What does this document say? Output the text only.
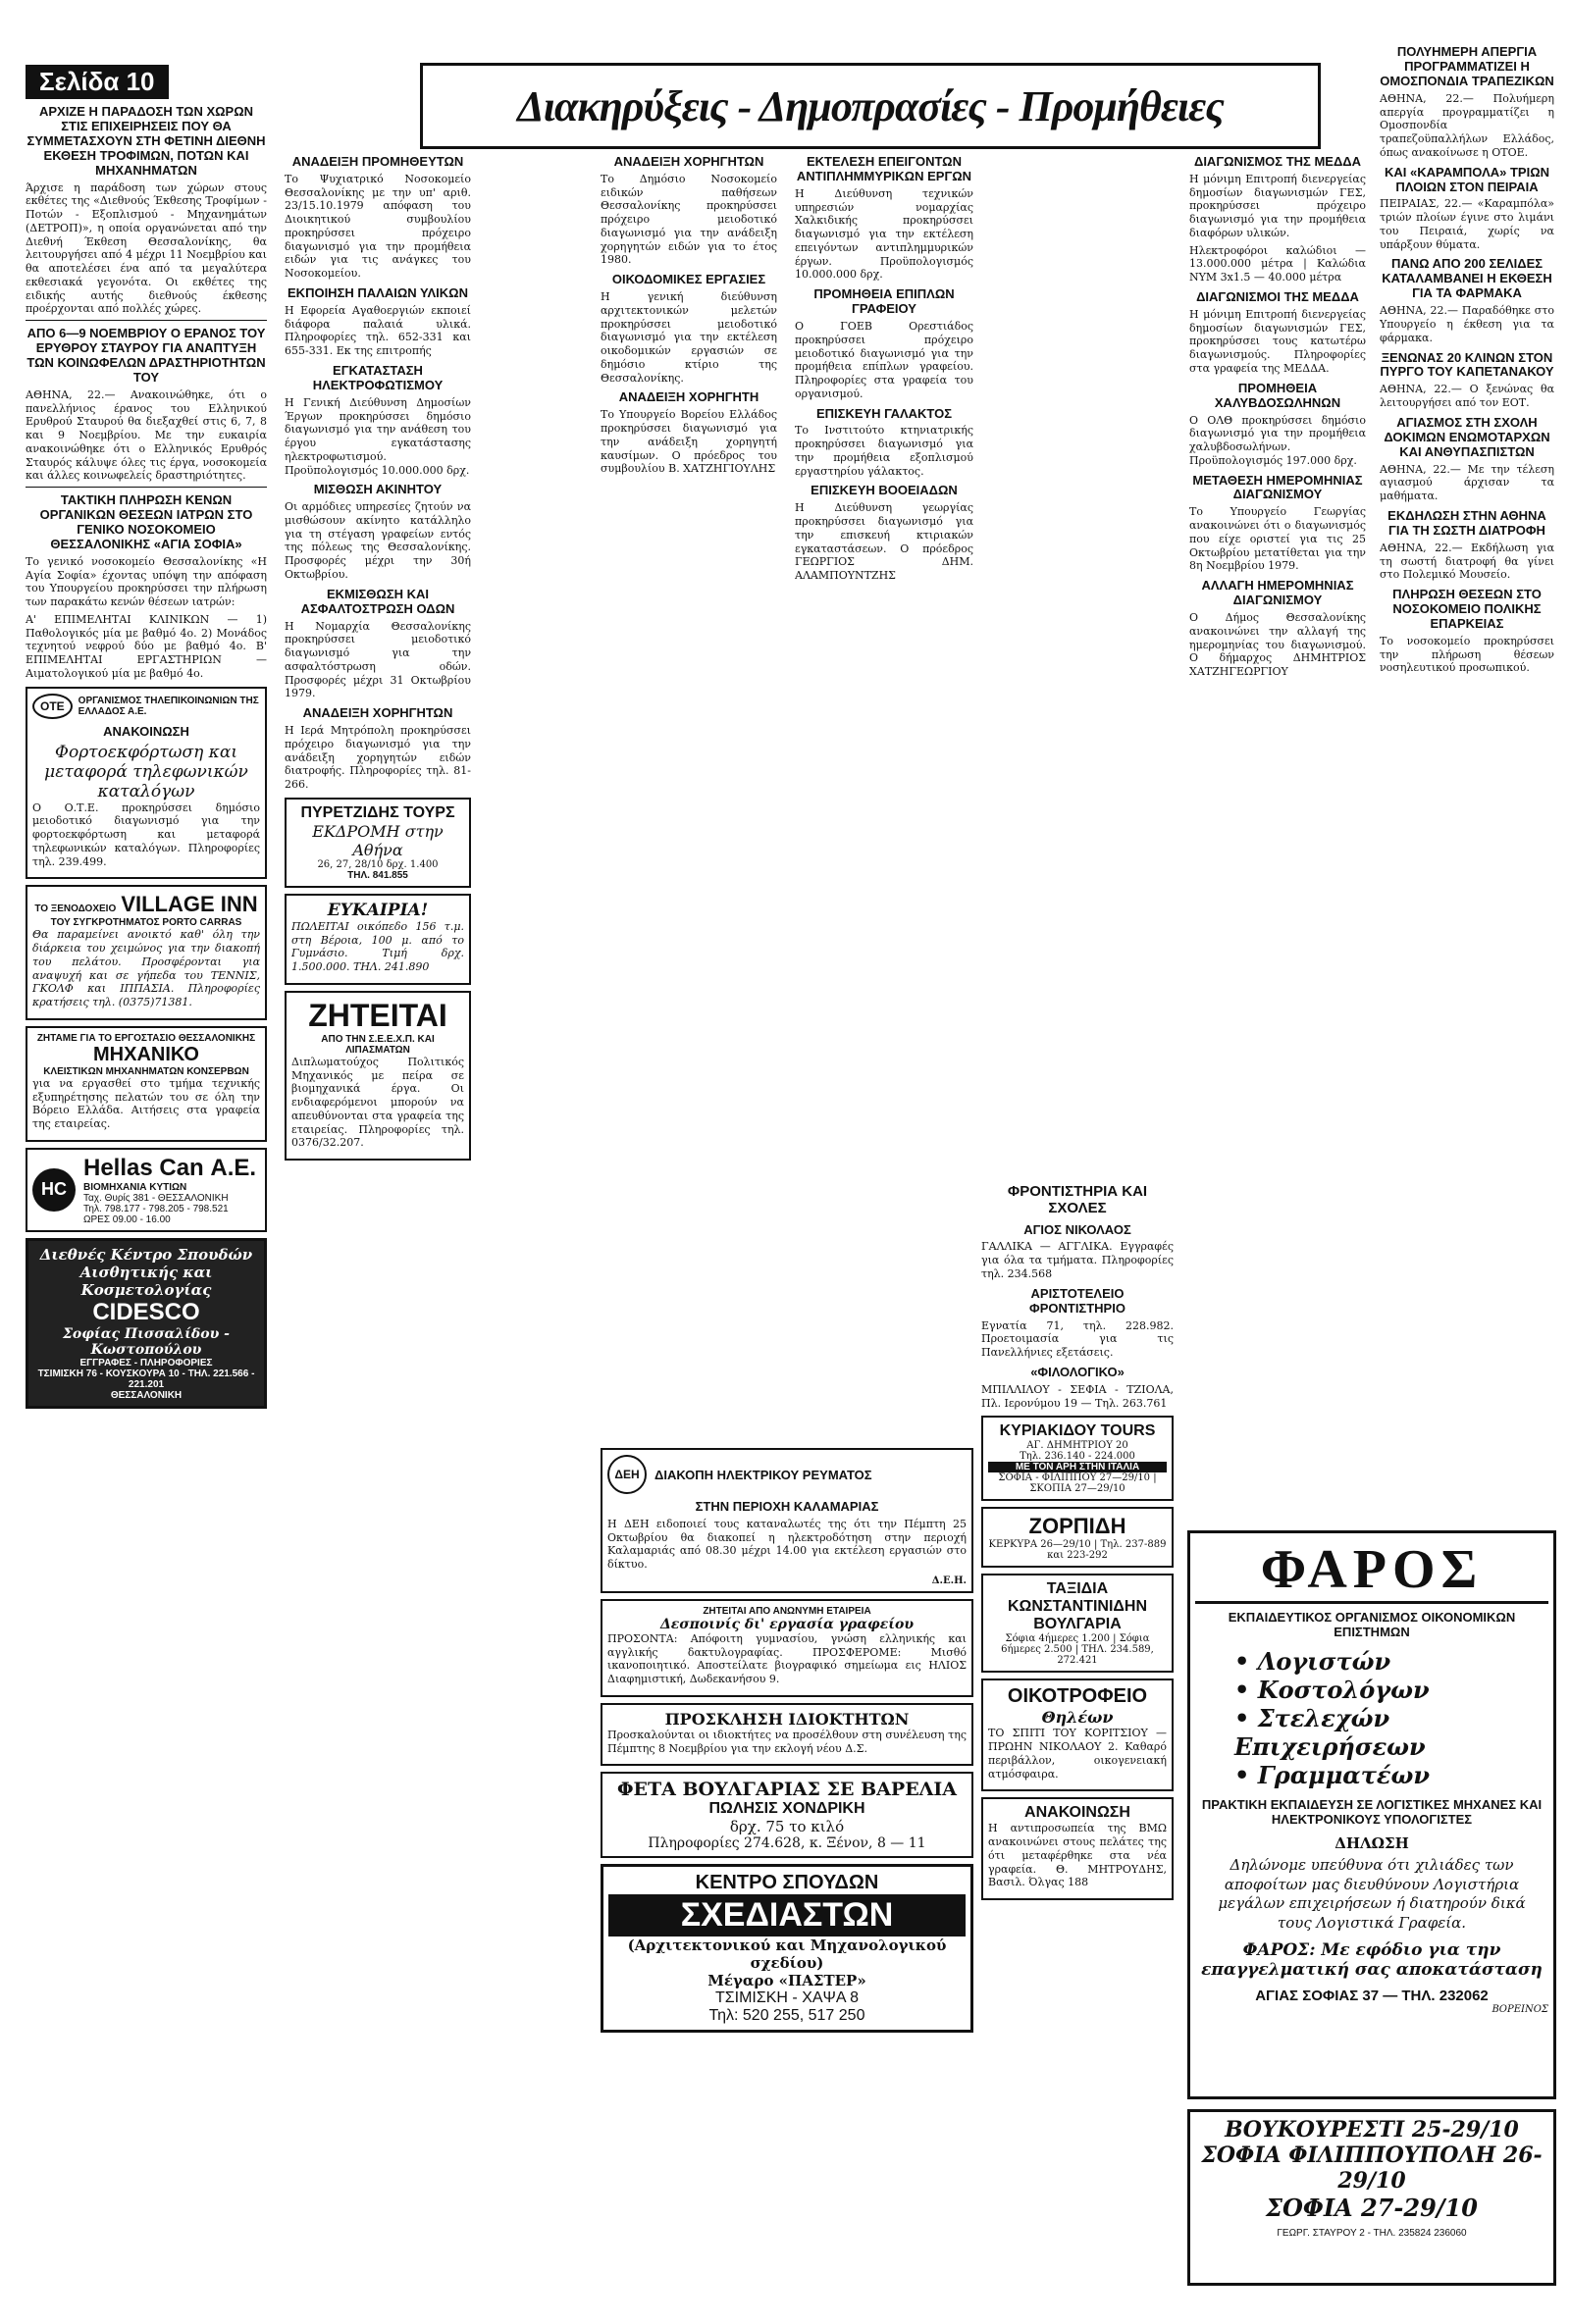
Σελίδα 10
ΑΡΧΙΖΕ Η ΠΑΡΑΔΟΣΗ ΤΩΝ ΧΩΡΩΝ ΣΤΙΣ ΕΠΙΧΕΙΡΗΣΕΙΣ ΠΟΥ ΘΑ ΣΥΜΜΕΤΑΣΧΟΥΝ ΣΤΗ ΦΕΤΙΝΗ ΔΙΕΘΝΗ ΕΚΘΕΣΗ ΤΡΟΦΙΜΩΝ, ΠΟΤΩΝ ΚΑΙ ΜΗΧΑΝΗΜΑΤΩΝ

Άρχισε η παράδοση των χώρων στους εκθέτες της «Διεθνούς Έκθεσης Τροφίμων - Ποτών - Εξοπλισμού - Μηχανημάτων (ΔΕΤΡΟΠ)», η οποία οργανώνεται από την Διεθνή Έκθεση Θεσσαλονίκης, θα λειτουργήσει από 4 μέχρι 11 Νοεμβρίου και θα αποτελέσει ένα από τα μεγαλύτερα εκθεσιακά γεγονότα. Οι εκθέτες της ειδικής αυτής διεθνούς έκθεσης προέρχονται από πολλές χώρες.

ΑΠΟ 6—9 ΝΟΕΜΒΡΙΟΥ Ο ΕΡΑΝΟΣ ΤΟΥ ΕΡΥΘΡΟΥ ΣΤΑΥΡΟΥ ΓΙΑ ΑΝΑΠΤΥΞΗ ΤΩΝ ΚΟΙΝΩΦΕΛΩΝ ΔΡΑΣΤΗΡΙΟΤΗΤΩΝ ΤΟΥ

ΑΘΗΝΑ, 22.— Ανακοινώθηκε, ότι ο πανελλήνιος έρανος του Ελληνικού Ερυθρού Σταυρού θα διεξαχθεί στις 6, 7, 8 και 9 Νοεμβρίου. Με την ευκαιρία ανακοινώθηκε ότι ο Ελληνικός Ερυθρός Σταυρός κάλυψε όλες τις έργα, νοσοκομεία και άλλες κοινωφελείς δραστηριότητες.

ΤΑΚΤΙΚΗ ΠΛΗΡΩΣΗ ΚΕΝΩΝ ΟΡΓΑΝΙΚΩΝ ΘΕΣΕΩΝ ΙΑΤΡΩΝ ΣΤΟ ΓΕΝΙΚΟ ΝΟΣΟΚΟΜΕΙΟ ΘΕΣΣΑΛΟΝΙΚΗΣ «ΑΓΙΑ ΣΟΦΙΑ»

Το γενικό νοσοκομείο Θεσσαλονίκης «Η Αγία Σοφία» έχοντας υπόψη την απόφαση του Υπουργείου προκηρύσσει την πλήρωση των παρακάτω κενών θέσεων ιατρών:

Α' ΕΠΙΜΕΛΗΤΑΙ ΚΛΙΝΙΚΩΝ — 1) Παθολογικός μία με βαθμό 4ο. 2) Μονάδος τεχνητού νεφρού δύο με βαθμό 4ο. Β' ΕΠΙΜΕΛΗΤΑΙ ΕΡΓΑΣΤΗΡΙΩΝ — Αιματολογικού μία με βαθμό 4ο.

ΟΤΕ	ΟΡΓΑΝΙΣΜΟΣ ΤΗΛΕΠΙΚΟΙΝΩΝΙΩΝ ΤΗΣ ΕΛΛΑΔΟΣ Α.Ε.
ΑΝΑΚΟΙΝΩΣΗ
Φορτοεκφόρτωση και μεταφορά τηλεφωνικών καταλόγων

Ο Ο.Τ.Ε. προκηρύσσει δημόσιο μειοδοτικό διαγωνισμό για την φορτοεκφόρτωση και μεταφορά τηλεφωνικών καταλόγων. Πληροφορίες τηλ. 239.499.

ΤΟ ΞΕΝΟΔΟΧΕΙΟ VILLAGE INN
ΤΟΥ ΣΥΓΚΡΟΤΗΜΑΤΟΣ PORTO CARRAS

Θα παραμείνει ανοικτό καθ' όλη την διάρκεια του χειμώνος για την διακοπή του πελάτου. Προσφέρονται για αναψυχή και σε γήπεδα του ΤΕΝΝΙΣ, ΓΚΟΛΦ και ΙΠΠΑΣΙΑ. Πληροφορίες κρατήσεις τηλ. (0375)71381.

ΖΗΤΑΜΕ ΓΙΑ ΤΟ ΕΡΓΟΣΤΑΣΙΟ ΘΕΣΣΑΛΟΝΙΚΗΣ
ΜΗΧΑΝΙΚΟ
ΚΛΕΙΣΤΙΚΩΝ ΜΗΧΑΝΗΜΑΤΩΝ ΚΟΝΣΕΡΒΩΝ

για να εργασθεί στο τμήμα τεχνικής εξυπηρέτησης πελατών του σε όλη την Βόρειο Ελλάδα. Αιτήσεις στα γραφεία της εταιρείας.

HC
Hellas Can Α.Ε.
ΒΙΟΜΗΧΑΝΙΑ ΚΥΤΙΩΝ
Ταχ. Θυρίς 381 - ΘΕΣΣΑΛΟΝΙΚΗ
Τηλ. 798.177 - 798.205 - 798.521
ΩΡΕΣ 09.00 - 16.00
Διεθνές Κέντρο Σπουδών
Αισθητικής και Κοσμετολογίας
CIDESCO
Σοφίας Πισσαλίδου - Κωστοπούλου
ΕΓΓΡΑΦΕΣ - ΠΛΗΡΟΦΟΡΙΕΣ
ΤΣΙΜΙΣΚΗ 76 - ΚΟΥΣΚΟΥΡΑ 10 - ΤΗΛ. 221.566 - 221.201
ΘΕΣΣΑΛΟΝΙΚΗ
Διακηρύξεις - Δημοπρασίες - Προμήθειες
ΑΝΑΔΕΙΞΗ ΠΡΟΜΗΘΕΥΤΩΝ

Το Ψυχιατρικό Νοσοκομείο Θεσσαλονίκης με την υπ' αριθ. 23/15.10.1979 απόφαση του Διοικητικού συμβουλίου προκηρύσσει πρόχειρο διαγωνισμό για την προμήθεια ειδών για τις ανάγκες του Νοσοκομείου.

ΕΚΠΟΙΗΣΗ ΠΑΛΑΙΩΝ ΥΛΙΚΩΝ

Η Εφορεία Αγαθοεργιών εκποιεί διάφορα παλαιά υλικά. Πληροφορίες τηλ. 652-331 και 655-331. Εκ της επιτροπής

ΕΓΚΑΤΑΣΤΑΣΗ ΗΛΕΚΤΡΟΦΩΤΙΣΜΟΥ

Η Γενική Διεύθυνση Δημοσίων Έργων προκηρύσσει δημόσιο διαγωνισμό για την ανάθεση του έργου εγκατάστασης ηλεκτροφωτισμού. Προϋπολογισμός 10.000.000 δρχ.

ΜΙΣΘΩΣΗ ΑΚΙΝΗΤΟΥ

Οι αρμόδιες υπηρεσίες ζητούν να μισθώσουν ακίνητο κατάλληλο για τη στέγαση γραφείων εντός της πόλεως της Θεσσαλονίκης. Προσφορές μέχρι την 30ή Οκτωβρίου.

ΕΚΜΙΣΘΩΣΗ ΚΑΙ ΑΣΦΑΛΤΟΣΤΡΩΣΗ ΟΔΩΝ

Η Νομαρχία Θεσσαλονίκης προκηρύσσει μειοδοτικό διαγωνισμό για την ασφαλτόστρωση οδών. Προσφορές μέχρι 31 Οκτωβρίου 1979.

ΑΝΑΔΕΙΞΗ ΧΟΡΗΓΗΤΩΝ

Η Ιερά Μητρόπολη προκηρύσσει πρόχειρο διαγωνισμό για την ανάδειξη χορηγητών ειδών διατροφής. Πληροφορίες τηλ. 81-266.

ΠΥΡΕΤΖΙΔΗΣ ΤΟΥΡΣ
ΕΚΔΡΟΜΗ στην Αθήνα
26, 27, 28/10 δρχ. 1.400
ΤΗΛ. 841.855
ΕΥΚΑΙΡΙΑ!

ΠΩΛΕΙΤΑΙ οικόπεδο 156 τ.μ. στη Βέροια, 100 μ. από το Γυμνάσιο. Τιμή δρχ. 1.500.000. ΤΗΛ. 241.890

ΖΗΤΕΙΤΑΙ
ΑΠΟ ΤΗΝ Σ.Ε.Ε.Χ.Π. ΚΑΙ ΛΙΠΑΣΜΑΤΩΝ

Διπλωματούχος Πολιτικός Μηχανικός με πείρα σε βιομηχανικά έργα. Οι ενδιαφερόμενοι μπορούν να απευθύνονται στα γραφεία της εταιρείας. Πληροφορίες τηλ. 0376/32.207.

ΑΝΑΔΕΙΞΗ ΧΟΡΗΓΗΤΩΝ

Το Δημόσιο Νοσοκομείο ειδικών παθήσεων Θεσσαλονίκης προκηρύσσει πρόχειρο μειοδοτικό διαγωνισμό για την ανάδειξη χορηγητών ειδών για το έτος 1980.

ΟΙΚΟΔΟΜΙΚΕΣ ΕΡΓΑΣΙΕΣ

Η γενική διεύθυνση αρχιτεκτονικών μελετών προκηρύσσει μειοδοτικό διαγωνισμό για την εκτέλεση οικοδομικών εργασιών σε δημόσιο κτίριο της Θεσσαλονίκης.

ΑΝΑΔΕΙΞΗ ΧΟΡΗΓΗΤΗ

Το Υπουργείο Βορείου Ελλάδος προκηρύσσει διαγωνισμό για την ανάδειξη χορηγητή καυσίμων. Ο πρόεδρος του συμβουλίου Β. ΧΑΤΖΗΓΙΟΥΛΗΣ

ΔΕΗ	ΔΙΑΚΟΠΗ ΗΛΕΚΤΡΙΚΟΥ ΡΕΥΜΑΤΟΣ
ΣΤΗΝ ΠΕΡΙΟΧΗ ΚΑΛΑΜΑΡΙΑΣ

Η ΔΕΗ ειδοποιεί τους καταναλωτές της ότι την Πέμπτη 25 Οκτωβρίου θα διακοπεί η ηλεκτροδότηση στην περιοχή Καλαμαριάς από 08.30 μέχρι 14.00 για εκτέλεση εργασιών στο δίκτυο.

Δ.Ε.Η.
ΖΗΤΕΙΤΑΙ ΑΠΟ ΑΝΩΝΥΜΗ ΕΤΑΙΡΕΙΑ
Δεσποινίς δι' εργασία γραφείου

ΠΡΟΣΟΝΤΑ: Απόφοιτη γυμνασίου, γνώση ελληνικής και αγγλικής δακτυλογραφίας. ΠΡΟΣΦΕΡΟΜΕ: Μισθό ικανοποιητικό. Αποστείλατε βιογραφικό σημείωμα εις ΗΛΙΟΣ Διαφημιστική, Δωδεκανήσου 9.

ΠΡΟΣΚΛΗΣΗ ΙΔΙΟΚΤΗΤΩΝ

Προσκαλούνται οι ιδιοκτήτες να προσέλθουν στη συνέλευση της Πέμπτης 8 Νοεμβρίου για την εκλογή νέου Δ.Σ.

ΦΕΤΑ ΒΟΥΛΓΑΡΙΑΣ ΣΕ ΒΑΡΕΛΙΑ
ΠΩΛΗΣΙΣ ΧΟΝΔΡΙΚΗ
δρχ. 75 το κιλό
Πληροφορίες 274.628, κ. Ξένον, 8 — 11
ΚΕΝΤΡΟ ΣΠΟΥΔΩΝ
ΣΧΕΔΙΑΣΤΩΝ
(Αρχιτεκτονικού και Μηχανολογικού σχεδίου)
Μέγαρο «ΠΑΣΤΕΡ»
ΤΣΙΜΙΣΚΗ - ΧΑΨΑ 8
Τηλ: 520 255, 517 250
ΕΚΤΕΛΕΣΗ ΕΠΕΙΓΟΝΤΩΝ ΑΝΤΙΠΛΗΜΜΥΡΙΚΩΝ ΕΡΓΩΝ

Η Διεύθυνση τεχνικών υπηρεσιών νομαρχίας Χαλκιδικής προκηρύσσει διαγωνισμό για την εκτέλεση επειγόντων αντιπλημμυρικών έργων. Προϋπολογισμός 10.000.000 δρχ.

ΠΡΟΜΗΘΕΙΑ ΕΠΙΠΛΩΝ ΓΡΑΦΕΙΟΥ

Ο ΓΟΕΒ Ορεστιάδος προκηρύσσει πρόχειρο μειοδοτικό διαγωνισμό για την προμήθεια επίπλων γραφείου. Πληροφορίες στα γραφεία του οργανισμού.

ΕΠΙΣΚΕΥΗ ΓΑΛΑΚΤΟΣ

Το Ινστιτούτο κτηνιατρικής προκηρύσσει διαγωνισμό για την προμήθεια εξοπλισμού εργαστηρίου γάλακτος.

ΕΠΙΣΚΕΥΗ ΒΟΟΕΙΑΔΩΝ

Η Διεύθυνση γεωργίας προκηρύσσει διαγωνισμό για την επισκευή κτιριακών εγκαταστάσεων. Ο πρόεδρος ΓΕΩΡΓΙΟΣ ΔΗΜ. ΑΛΑΜΠΟΥΝΤΖΗΣ

ΦΡΟΝΤΙΣΤΗΡΙΑ ΚΑΙ ΣΧΟΛΕΣ
ΑΓΙΟΣ ΝΙΚΟΛΑΟΣ

ΓΑΛΛΙΚΑ — ΑΓΓΛΙΚΑ. Εγγραφές για όλα τα τμήματα. Πληροφορίες τηλ. 234.568

ΑΡΙΣΤΟΤΕΛΕΙΟ ΦΡΟΝΤΙΣΤΗΡΙΟ

Εγνατία 71, τηλ. 228.982. Προετοιμασία για τις Πανελλήνιες εξετάσεις.

«ΦΙΛΟΛΟΓΙΚΟ»

ΜΠΙΛΛΙΛΟΥ - ΣΕΦΙΑ - ΤΖΙΟΛΑ, Πλ. Ιερονύμου 19 — Τηλ. 263.761

ΚΥΡΙΑΚΙΔΟΥ TOURS
ΑΓ. ΔΗΜΗΤΡΙΟΥ 20
Τηλ. 236.140 - 224.000
ΜΕ ΤΟΝ ΑΡΗ ΣΤΗΝ ΙΤΑΛΙΑ
ΣΟΦΙΑ - ΦΙΛΙΠΠΟΥ 27—29/10 | ΣΚΟΠΙΑ 27—29/10
ΖΟΡΠΙΔΗ
ΚΕΡΚΥΡΑ 26—29/10 | Τηλ. 237-889 και 223-292
ΤΑΞΙΔΙΑ ΚΩΝΣΤΑΝΤΙΝΙΔΗΝ
ΒΟΥΛΓΑΡΙΑ
Σόφια 4ήμερες 1.200 | Σόφια 6ήμερες 2.500 | ΤΗΛ. 234.589, 272.421
ΟΙΚΟΤΡΟΦΕΙΟ
Θηλέων

ΤΟ ΣΠΙΤΙ ΤΟΥ ΚΟΡΙΤΣΙΟΥ — ΠΡΩΗΝ ΝΙΚΟΛΑΟΥ 2. Καθαρό περιβάλλον, οικογενειακή ατμόσφαιρα.

ΑΝΑΚΟΙΝΩΣΗ

Η αντιπροσωπεία της ΒΜΩ ανακοινώνει στους πελάτες της ότι μεταφέρθηκε στα νέα γραφεία. Θ. ΜΗΤΡΟΥΔΗΣ, Βασιλ. Όλγας 188

ΔΙΑΓΩΝΙΣΜΟΣ ΤΗΣ ΜΕΔΔΑ

Η μόνιμη Επιτροπή διενεργείας δημοσίων διαγωνισμών ΓΕΣ, προκηρύσσει πρόχειρο διαγωνισμό για την προμήθεια διαφόρων υλικών.

Ηλεκτροφόροι καλώδιοι — 13.000.000 μέτρα | Καλώδια NYM 3x1.5 — 40.000 μέτρα

ΔΙΑΓΩΝΙΣΜΟΙ ΤΗΣ ΜΕΔΔΑ

Η μόνιμη Επιτροπή διενεργείας δημοσίων διαγωνισμών ΓΕΣ, προκηρύσσει τους κατωτέρω διαγωνισμούς. Πληροφορίες στα γραφεία της ΜΕΔΔΑ.

ΠΡΟΜΗΘΕΙΑ ΧΑΛΥΒΔΟΣΩΛΗΝΩΝ

Ο ΟΛΘ προκηρύσσει δημόσιο διαγωνισμό για την προμήθεια χαλυβδοσωλήνων. Προϋπολογισμός 197.000 δρχ.

ΜΕΤΑΘΕΣΗ ΗΜΕΡΟΜΗΝΙΑΣ ΔΙΑΓΩΝΙΣΜΟΥ

Το Υπουργείο Γεωργίας ανακοινώνει ότι ο διαγωνισμός που είχε οριστεί για τις 25 Οκτωβρίου μετατίθεται για την 8η Νοεμβρίου 1979.

ΑΛΛΑΓΗ ΗΜΕΡΟΜΗΝΙΑΣ ΔΙΑΓΩΝΙΣΜΟΥ

Ο Δήμος Θεσσαλονίκης ανακοινώνει την αλλαγή της ημερομηνίας του διαγωνισμού. Ο δήμαρχος ΔΗΜΗΤΡΙΟΣ ΧΑΤΖΗΓΕΩΡΓΙΟΥ

ΦΑΡΟΣ
ΕΚΠΑΙΔΕΥΤΙΚΟΣ ΟΡΓΑΝΙΣΜΟΣ ΟΙΚΟΝΟΜΙΚΩΝ ΕΠΙΣΤΗΜΩΝ
• Λογιστών
• Κοστολόγων
• Στελεχών Επιχειρήσεων
• Γραμματέων
ΠΡΑΚΤΙΚΗ ΕΚΠΑΙΔΕΥΣΗ ΣΕ ΛΟΓΙΣΤΙΚΕΣ ΜΗΧΑΝΕΣ ΚΑΙ ΗΛΕΚΤΡΟΝΙΚΟΥΣ ΥΠΟΛΟΓΙΣΤΕΣ
ΔΗΛΩΣΗ

Δηλώνομε υπεύθυνα ότι χιλιάδες των αποφοίτων μας διευθύνουν Λογιστήρια μεγάλων επιχειρήσεων ή διατηρούν δικά τους Λογιστικά Γραφεία.

ΦΑΡΟΣ: Με εφόδιο για την επαγγελματική σας αποκατάσταση
ΑΓΙΑΣ ΣΟΦΙΑΣ 37 — ΤΗΛ. 232062
ΒΟΡΕΙΝΟΣ
ΒΟΥΚΟΥΡΕΣΤΙ 25-29/10
ΣΟΦΙΑ ΦΙΛΙΠΠΟΥΠΟΛΗ 26-29/10
ΣΟΦΙΑ 27-29/10
ΓΕΩΡΓ. ΣΤΑΥΡΟΥ 2 - ΤΗΛ. 235824 236060
ΠΟΛΥΗΜΕΡΗ ΑΠΕΡΓΙΑ ΠΡΟΓΡΑΜΜΑΤΙΖΕΙ Η ΟΜΟΣΠΟΝΔΙΑ ΤΡΑΠΕΖΙΚΩΝ

ΑΘΗΝΑ, 22.— Πολυήμερη απεργία προγραμματίζει η Ομοσπονδία τραπεζοϋπαλλήλων Ελλάδος, όπως ανακοίνωσε η ΟΤΟΕ.

ΚΑΙ «ΚΑΡΑΜΠΟΛΑ» ΤΡΙΩΝ ΠΛΟΙΩΝ ΣΤΟΝ ΠΕΙΡΑΙΑ

ΠΕΙΡΑΙΑΣ, 22.— «Καραμπόλα» τριών πλοίων έγινε στο λιμάνι του Πειραιά, χωρίς να υπάρξουν θύματα.

ΠΑΝΩ ΑΠΟ 200 ΣΕΛΙΔΕΣ ΚΑΤΑΛΑΜΒΑΝΕΙ Η ΕΚΘΕΣΗ ΓΙΑ ΤΑ ΦΑΡΜΑΚΑ

ΑΘΗΝΑ, 22.— Παραδόθηκε στο Υπουργείο η έκθεση για τα φάρμακα.

ΞΕΝΩΝΑΣ 20 ΚΛΙΝΩΝ ΣΤΟΝ ΠΥΡΓΟ ΤΟΥ ΚΑΠΕΤΑΝΑΚΟΥ

ΑΘΗΝΑ, 22.— Ο ξενώνας θα λειτουργήσει από τον ΕΟΤ.

ΑΓΙΑΣΜΟΣ ΣΤΗ ΣΧΟΛΗ ΔΟΚΙΜΩΝ ΕΝΩΜΟΤΑΡΧΩΝ ΚΑΙ ΑΝΘΥΠΑΣΠΙΣΤΩΝ

ΑΘΗΝΑ, 22.— Με την τέλεση αγιασμού άρχισαν τα μαθήματα.

ΕΚΔΗΛΩΣΗ ΣΤΗΝ ΑΘΗΝΑ ΓΙΑ ΤΗ ΣΩΣΤΗ ΔΙΑΤΡΟΦΗ

ΑΘΗΝΑ, 22.— Εκδήλωση για τη σωστή διατροφή θα γίνει στο Πολεμικό Μουσείο.

ΠΛΗΡΩΣΗ ΘΕΣΕΩΝ ΣΤΟ ΝΟΣΟΚΟΜΕΙΟ ΠΟΛΙΚΗΣ ΕΠΑΡΚΕΙΑΣ

Το νοσοκομείο προκηρύσσει την πλήρωση θέσεων νοσηλευτικού προσωπικού.
